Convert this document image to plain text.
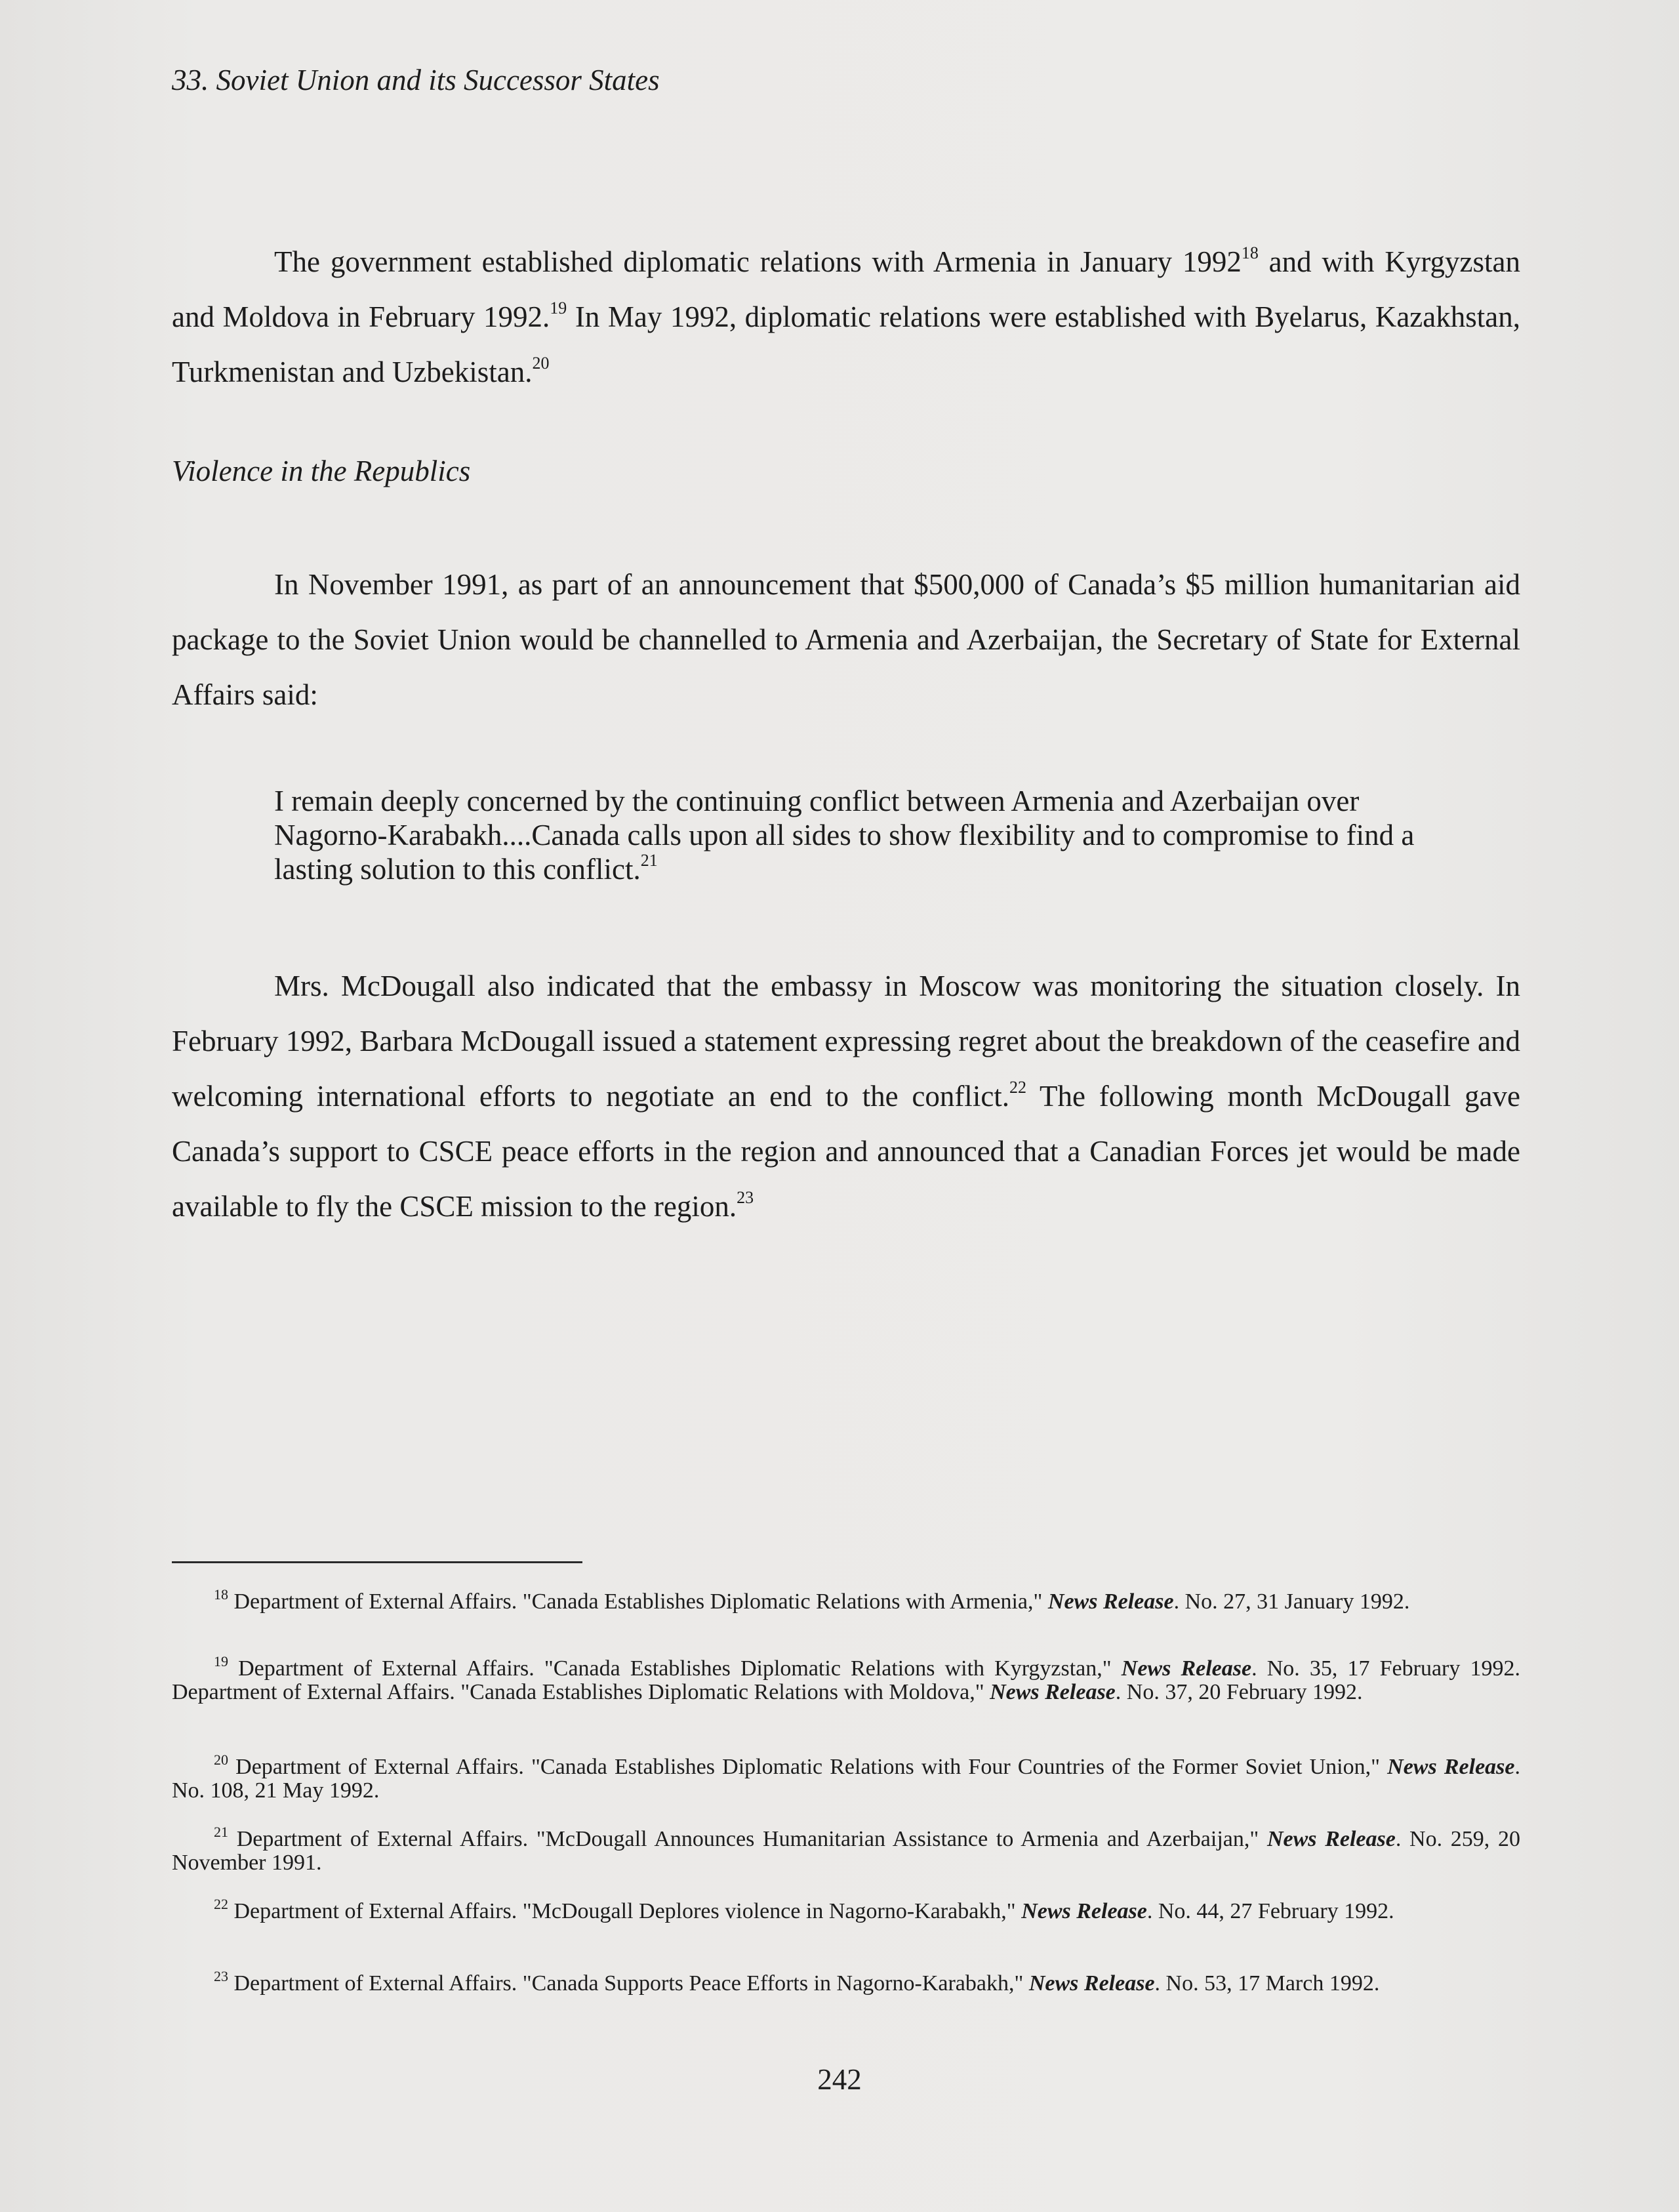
33. Soviet Union and its Successor States

The government established diplomatic relations with Armenia in January 1992$^{18}$ and with Kyrgyzstan and Moldova in February 1992.19 In May 1992, diplomatic relations were established with Byelarus, Kazakhstan, Turkmenistan and Uzbekistan.$^{20}$

Violence in the Republics

In November 1991, as part of an announcement that $500,000 of Canada’s $5 million humanitarian aid package to the Soviet Union would be channelled to Armenia and Azerbaijan, the Secretary of State for External Affairs said:

I remain deeply concerned by the continuing conflict between Armenia and Azerbaijan over Nagorno-Karabakh....Canada calls upon all sides to show flexibility and to compromise to find a lasting solution to this conflict.$^{21}$

Mrs. McDougall also indicated that the embassy in Moscow was monitoring the situation closely. In February 1992, Barbara McDougall issued a statement expressing regret about the breakdown of the ceasefire and welcoming international efforts to negotiate an end to the conflict.$^{22}$ The following month McDougall gave Canada’s support to CSCE peace efforts in the region and announced that a Canadian Forces jet would be made available to fly the CSCE mission to the region.$^{23}$

$^{18}$ Department of External Affairs. "Canada Establishes Diplomatic Relations with Armenia," News Release. No. 27, 31 January 1992.

$^{19}$ Department of External Affairs. "Canada Establishes Diplomatic Relations with Kyrgyzstan," News Release. No. 35, 17 February 1992. Department of External Affairs. "Canada Establishes Diplomatic Relations with Moldova," News Release. No. 37, 20 February 1992.

$^{20}$ Department of External Affairs. "Canada Establishes Diplomatic Relations with Four Countries of the Former Soviet Union," News Release. No. 108, 21 May 1992.

$^{21}$ Department of External Affairs. "McDougall Announces Humanitarian Assistance to Armenia and Azerbaijan," News Release. No. 259, 20 November 1991.

$^{22}$ Department of External Affairs. "McDougall Deplores violence in Nagorno-Karabakh," News Release. No. 44, 27 February 1992.

$^{23}$ Department of External Affairs. "Canada Supports Peace Efforts in Nagorno-Karabakh," News Release. No. 53, 17 March 1992.

242
